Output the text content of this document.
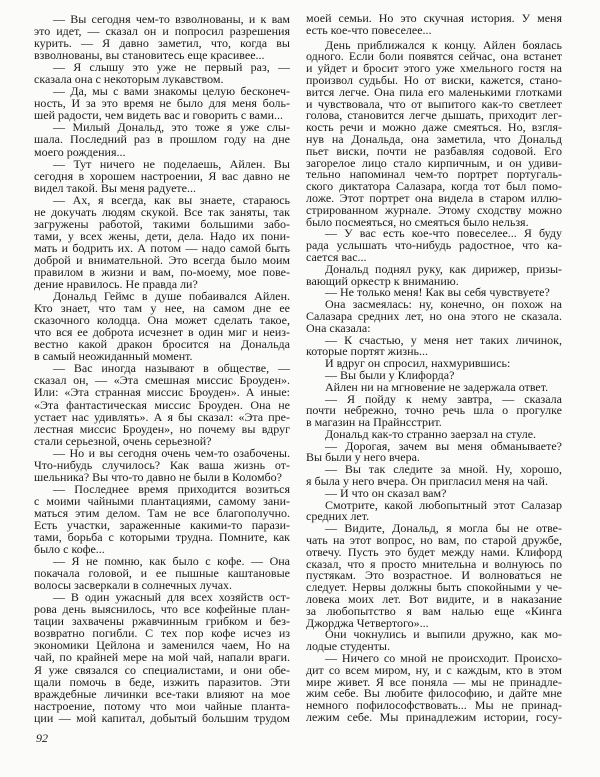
— Вы сегодня чем-то взволнованы, и к вам
это идет, — сказал он и попросил разрешения
курить. — Я давно заметил, что, когда вы
взволнованы, вы становитесь еще красивее...
— Я слышу это уже не первый раз, —
сказала она с некоторым лукавством.
— Да, мы с вами знакомы целую бесконеч-
ность, И за это время не было для меня боль-
шей радости, чем видеть вас и говорить с вами...
— Милый Дональд, это тоже я уже слы-
шала. Последний раз в прошлом году на дне
моего рождения...
— Тут ничего не поделаешь, Айлен. Вы
сегодня в хорошем настроении, Я вас давно не
видел такой. Вы меня радуете...
— Ах, я всегда, как вы знаете, стараюсь
не докучать людям скукой. Все так заняты, так
загружены работой, такими большими забо-
тами, у всех жены, дети, дела. Надо их пони-
мать и бодрить их. А потом — надо самой быть
доброй и внимательной. Это всегда было моим
правилом в жизни и вам, по-моему, мое пове-
дение нравилось. Не правда ли?
Дональд Геймс в душе побаивался Айлен.
Кто знает, что там у нее, на самом дне ее
сказочного колодца. Она может сделать такое,
что вся ее доброта исчезнет в один миг и неиз-
вестно какой дракон бросится на Дональда
в самый неожиданный момент.
— Вас иногда называют в обществе, —
сказал он, — «Эта смешная миссис Броуден».
Или: «Эта странная миссис Броуден». А иные:
«Эта фантастическая миссис Броуден. Она не
устает нас удивлять». А я бы сказал: «Эта пре-
лестная миссис Броуден», но почему вы вдруг
стали серьезной, очень серьезной?
— Но и вы сегодня очень чем-то озабочены.
Что-нибудь случилось? Как ваша жизнь от-
шельника? Вы что-то давно не были в Коломбо?
— Последнее время приходится возиться
с моими чайными плантациями, самому зани-
маться этим делом. Там не все благополучно.
Есть участки, зараженные какими-то парази-
тами, борьба с которыми трудна. Помните, как
было с кофе...
— Я не помню, как было с кофе. — Она
покачала головой, и ее пышные каштановые
волосы засверкали в солнечных лучах.
— В один ужасный для всех хозяйств ост-
рова день выяснилось, что все кофейные план-
тации захвачены ржавчинным грибком и без-
возвратно погибли. С тех пор кофе исчез из
экономики Цейлона и заменился чаем, Но на
чай, по крайней мере на мой чай, напали враги.
Я уже связался со специалистами, и они обе-
щали помочь в беде, изжить паразитов. Эти
враждебные личинки все-таки влияют на мое
настроение, потому что мои чайные планта-
ции — мой капитал, добытый большим трудом
моей семьи. Но это скучная история. У меня
есть кое-что повеселее...
День приближался к концу. Айлен боялась
одного. Если боли появятся сейчас, она встанет
и уйдет и бросит этого уже хмельного гостя на
произвол судьбы. Но от виски, кажется, стано-
вится легче. Она пила его маленькими глотками
и чувствовала, что от выпитого как-то светлеет
голова, становится легче дышать, приходит лег-
кость речи и можно даже смеяться. Но, взгля-
нув на Дональда, она заметила, что Дональд
пьет виски, почти не разбавляя содовой. Его
загорелое лицо стало кирпичным, и он удиви-
тельно напоминал чем-то портрет португаль-
ского диктатора Салазара, когда тот был помо-
ложе. Этот портрет она видела в старом иллю-
стрированном журнале. Этому сходству можно
было посмеяться, но смеяться было нельзя.
— У вас есть кое-что повеселее... Я буду
рада услышать что-нибудь радостное, что ка-
сается вас...
Дональд поднял руку, как дирижер, призы-
вающий оркестр к вниманию.
— Не только меня! Как вы себя чувствуете?
Она засмеялась: ну, конечно, он похож на
Салазара средних лет, но она этого не сказала.
Она сказала:
— К счастью, у меня нет таких личинок,
которые портят жизнь...
И вдруг он спросил, нахмурившись:
— Вы были у Клифорда?
Айлен ни на мгновение не задержала ответ.
— Я пойду к нему завтра, — сказала
почти небрежно, точно речь шла о прогулке
в магазин на Прайнсстрит.
Дональд как-то странно заерзал на стуле.
— Дорогая, зачем вы меня обманываете?
Вы были у него вчера.
— Вы так следите за мной. Ну, хорошо,
я была у него вчера. Он пригласил меня на чай.
— И что он сказал вам?
Смотрите, какой любопытный этот Салазар
средних лет.
— Видите, Дональд, я могла бы не отве-
чать на этот вопрос, но вам, по старой дружбе,
отвечу. Пусть это будет между нами. Клифорд
сказал, что я просто мнительна и волнуюсь по
пустякам. Это возрастное. И волноваться не
следует. Нервы должны быть спокойными у че-
ловека моих лет. Вот видите, и в наказание
за любопытство я вам налью еще «Кинга
Джорджа Четвертого»...
Они чокнулись и выпили дружно, как мо-
лодые студенты.
— Ничего со мной не происходит. Происхо-
дит со всем миром, ну, и с каждым, кто в этом
мире живет. Я все поняла — мы не принадле-
жим себе. Вы любите философию, и дайте мне
немного пофилософствовать... Мы не принад-
лежим себе. Мы принадлежим истории, госу-
92
